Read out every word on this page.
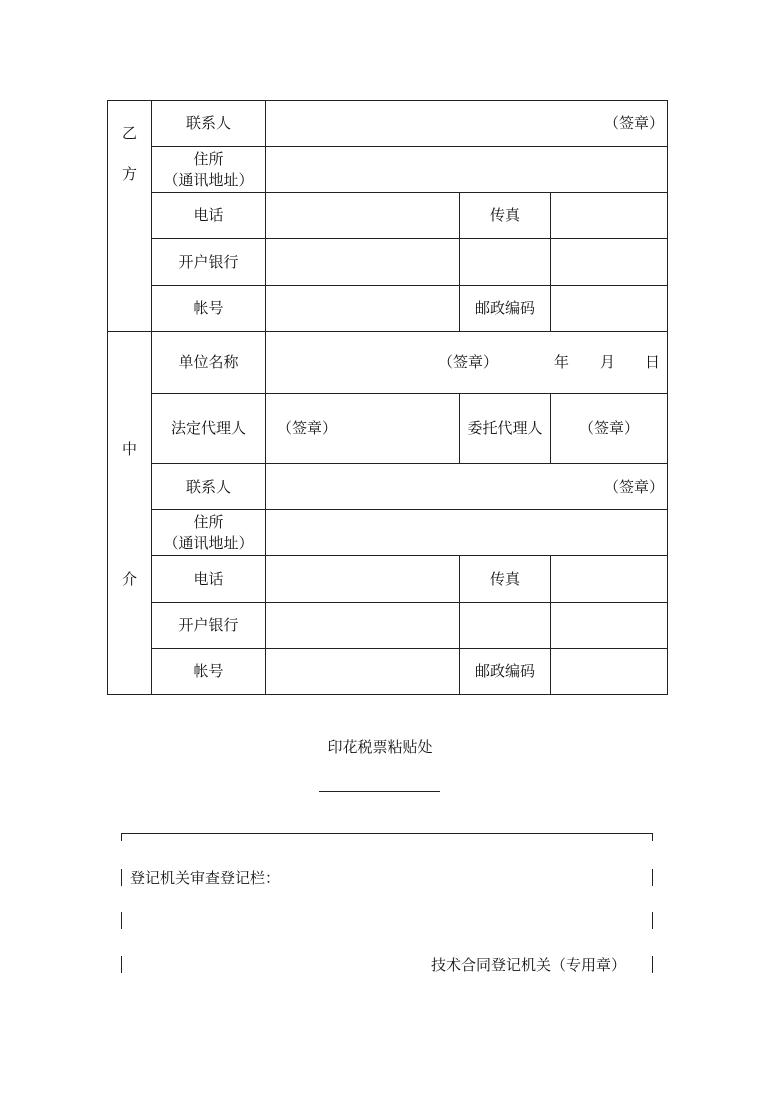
乙
方
联系人	（签章）
住所
（通讯地址）
电话	传真
开户银行
帐号	邮政编码
中
介
单位名称	（签章）	年 月 日
法定代理人	（签章）	委托代理人	（签章）
联系人	（签章）
住所
（通讯地址）
电话	传真
开户银行
帐号	邮政编码
印花税票粘贴处
登记机关审查登记栏：
技术合同登记机关（专用章）
